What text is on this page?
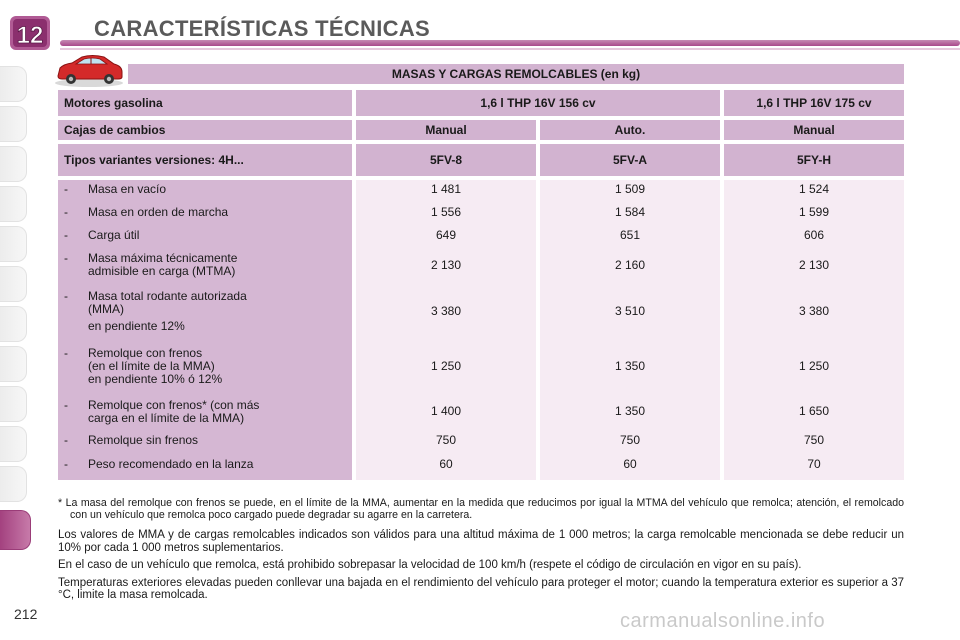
12 CARACTERÍSTICAS TÉCNICAS
MASAS Y CARGAS REMOLCABLES (en kg)
Motores gasolina	1,6 l THP 16V 156 cv	1,6 l THP 16V 175 cv
Cajas de cambios	Manual	Auto.	Manual
Tipos variantes versiones: 4H...	5FV-8	5FV-A	5FY-H
- Masa en vacío	1 481	1 509	1 524
- Masa en orden de marcha	1 556	1 584	1 599
- Carga útil	649	651	606
- Masa máxima técnicamente
admisible en carga (MTMA)	2 130	2 160	2 130
- Masa total rodante autorizada
(MMA)
en pendiente 12%
3 380	3 510	3 380
- Remolque con frenos
(en el límite de la MMA)
en pendiente 10% ó 12%
1 250	1 350	1 250
- Remolque con frenos* (con más
carga en el límite de la MMA)	1 400	1 350	1 650
- Remolque sin frenos	750	750	750
- Peso recomendado en la lanza	60	60	70
* La masa del remolque con frenos se puede, en el límite de la MMA, aumentar en la medida que reducimos por igual la MTMA del vehículo que remolca; atención, el remolcado con un vehículo que remolca poco cargado puede degradar su agarre en la carretera.

Los valores de MMA y de cargas remolcables indicados son válidos para una altitud máxima de 1 000 metros; la carga remolcable mencionada se debe reducir un 10% por cada 1 000 metros suplementarios.

En el caso de un vehículo que remolca, está prohibido sobrepasar la velocidad de 100 km/h (respete el código de circulación en vigor en su país).

Temperaturas exteriores elevadas pueden conllevar una bajada en el rendimiento del vehículo para proteger el motor; cuando la temperatura exterior es superior a 37 °C, limite la masa remolcada.

212	carmanualsonline.info
